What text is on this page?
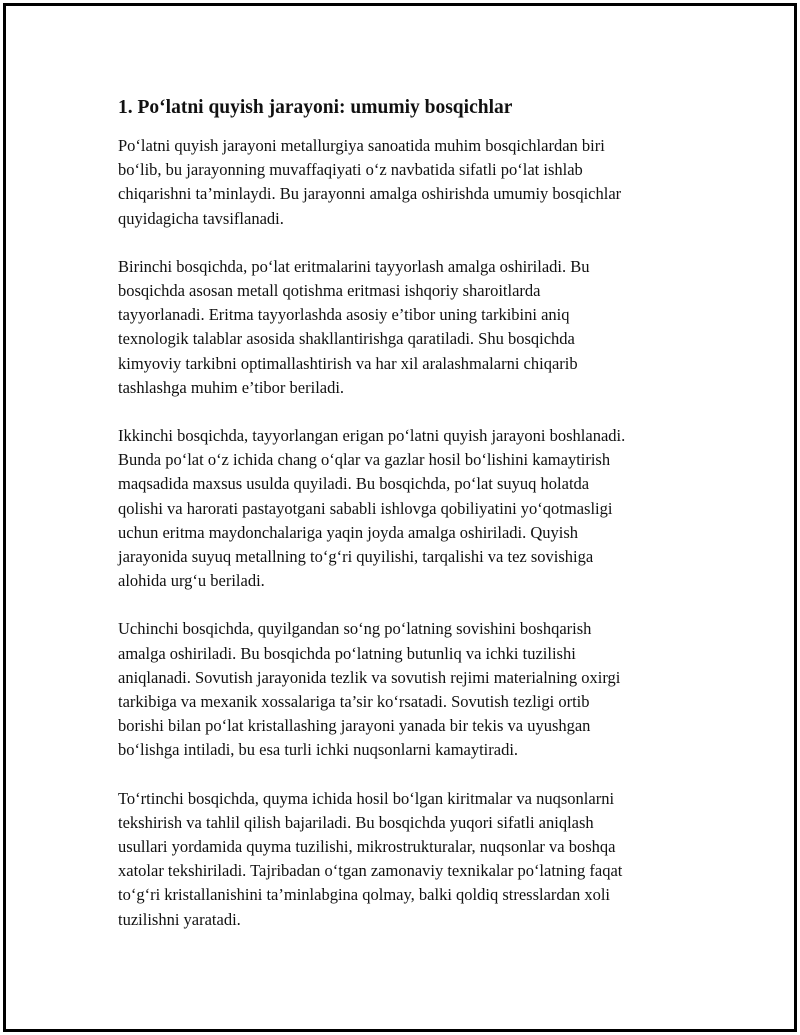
1. Po‘latni quyish jarayoni: umumiy bosqichlar

Po‘latni quyish jarayoni metallurgiya sanoatida muhim bosqichlardan biri
bo‘lib, bu jarayonning muvaffaqiyati o‘z navbatida sifatli po‘lat ishlab
chiqarishni ta’minlaydi. Bu jarayonni amalga oshirishda umumiy bosqichlar
quyidagicha tavsiflanadi.

Birinchi bosqichda, po‘lat eritmalarini tayyorlash amalga oshiriladi. Bu
bosqichda asosan metall qotishma eritmasi ishqoriy sharoitlarda
tayyorlanadi. Eritma tayyorlashda asosiy e’tibor uning tarkibini aniq
texnologik talablar asosida shakllantirishga qaratiladi. Shu bosqichda
kimyoviy tarkibni optimallashtirish va har xil aralashmalarni chiqarib
tashlashga muhim e’tibor beriladi.

Ikkinchi bosqichda, tayyorlangan erigan po‘latni quyish jarayoni boshlanadi.
Bunda po‘lat o‘z ichida chang o‘qlar va gazlar hosil bo‘lishini kamaytirish
maqsadida maxsus usulda quyiladi. Bu bosqichda, po‘lat suyuq holatda
qolishi va harorati pastayotgani sababli ishlovga qobiliyatini yo‘qotmasligi
uchun eritma maydonchalariga yaqin joyda amalga oshiriladi. Quyish
jarayonida suyuq metallning to‘g‘ri quyilishi, tarqalishi va tez sovishiga
alohida urg‘u beriladi.

Uchinchi bosqichda, quyilgandan so‘ng po‘latning sovishini boshqarish
amalga oshiriladi. Bu bosqichda po‘latning butunliq va ichki tuzilishi
aniqlanadi. Sovutish jarayonida tezlik va sovutish rejimi materialning oxirgi
tarkibiga va mexanik xossalariga ta’sir ko‘rsatadi. Sovutish tezligi ortib
borishi bilan po‘lat kristallashing jarayoni yanada bir tekis va uyushgan
bo‘lishga intiladi, bu esa turli ichki nuqsonlarni kamaytiradi.

To‘rtinchi bosqichda, quyma ichida hosil bo‘lgan kiritmalar va nuqsonlarni
tekshirish va tahlil qilish bajariladi. Bu bosqichda yuqori sifatli aniqlash
usullari yordamida quyma tuzilishi, mikrostrukturalar, nuqsonlar va boshqa
xatolar tekshiriladi. Tajribadan o‘tgan zamonaviy texnikalar po‘latning faqat
to‘g‘ri kristallanishini ta’minlabgina qolmay, balki qoldiq stresslardan xoli
tuzilishni yaratadi.
